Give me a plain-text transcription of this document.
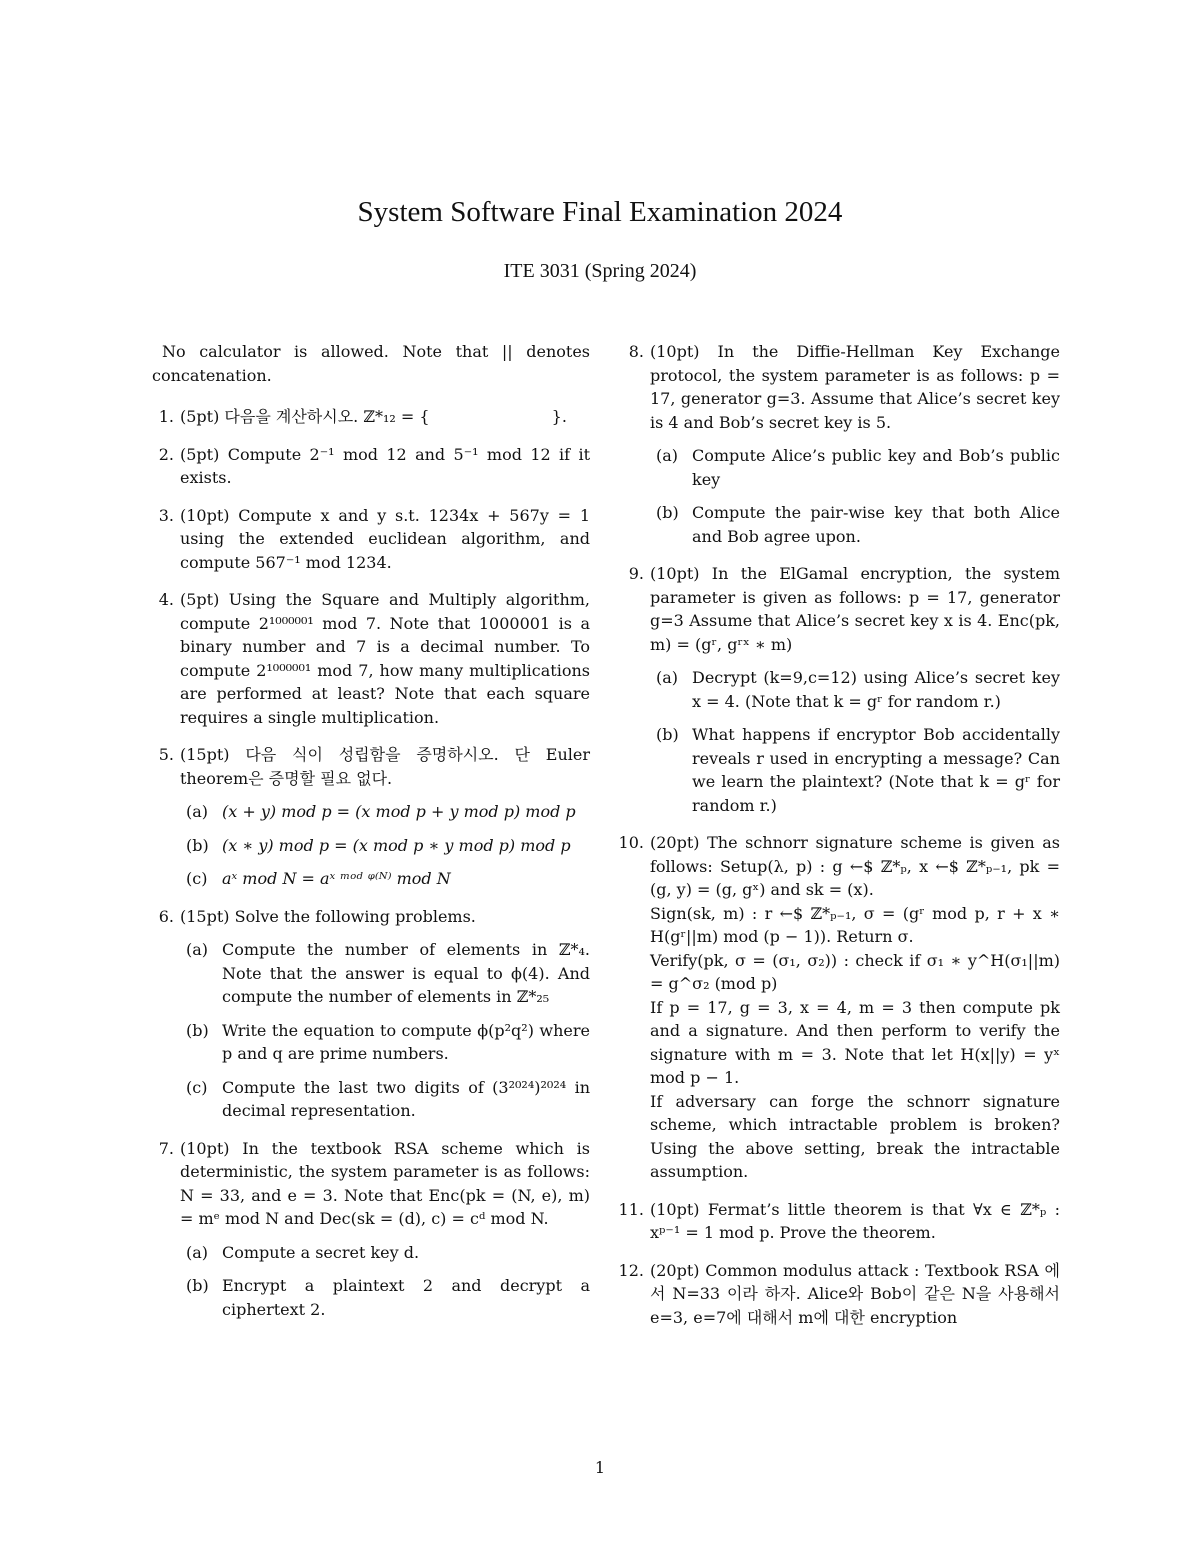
System Software Final Examination 2024
ITE 3031 (Spring 2024)

No calculator is allowed. Note that || denotes concatenation.

1. (5pt) 다음을 계산하시오. ℤ*₁₂ = {                        }.

2. (5pt) Compute 2⁻¹ mod 12 and 5⁻¹ mod 12 if it exists.

3. (10pt) Compute x and y s.t. 1234x + 567y = 1 using the extended euclidean algorithm, and compute 567⁻¹ mod 1234.

4. (5pt) Using the Square and Multiply algorithm, compute 2¹⁰⁰⁰⁰⁰¹ mod 7. Note that 1000001 is a binary number and 7 is a decimal number. To compute 2¹⁰⁰⁰⁰⁰¹ mod 7, how many multiplications are performed at least? Note that each square requires a single multiplication.

5. (15pt) 다음 식이 성립함을 증명하시오. 단 Euler theorem은 증명할 필요 없다.

(a) (x + y) mod p = (x mod p + y mod p) mod p
(b) (x ∗ y) mod p = (x mod p ∗ y mod p) mod p
(c) aˣ mod N = aˣ ᵐᵒᵈ ᵠ⁽ᴺ⁾ mod N
6. (15pt) Solve the following problems.

(a) Compute the number of elements in ℤ*₄. Note that the answer is equal to ϕ(4). And compute the number of elements in ℤ*₂₅
(b) Write the equation to compute ϕ(p²q²) where p and q are prime numbers.
(c) Compute the last two digits of (3²⁰²⁴)²⁰²⁴ in decimal representation.
7. (10pt) In the textbook RSA scheme which is deterministic, the system parameter is as follows: N = 33, and e = 3. Note that Enc(pk = (N, e), m) = mᵉ mod N and Dec(sk = (d), c) = cᵈ mod N.

(a) Compute a secret key d.
(b) Encrypt a plaintext 2 and decrypt a ciphertext 2.
8. (10pt) In the Diffie-Hellman Key Exchange protocol, the system parameter is as follows: p = 17, generator g=3. Assume that Alice’s secret key is 4 and Bob’s secret key is 5.

(a) Compute Alice’s public key and Bob’s public key
(b) Compute the pair-wise key that both Alice and Bob agree upon.
9. (10pt) In the ElGamal encryption, the system parameter is given as follows: p = 17, generator g=3 Assume that Alice’s secret key x is 4. Enc(pk, m) = (gʳ, gʳˣ ∗ m)

(a) Decrypt (k=9,c=12) using Alice’s secret key x = 4. (Note that k = gʳ for random r.)
(b) What happens if encryptor Bob accidentally reveals r used in encrypting a message? Can we learn the plaintext? (Note that k = gʳ for random r.)
10. (20pt) The schnorr signature scheme is given as follows: Setup(λ, p) : g ←$ ℤ*ₚ, x ←$ ℤ*ₚ₋₁, pk = (g, y) = (g, gˣ) and sk = (x).

Sign(sk, m) : r ←$ ℤ*ₚ₋₁, σ = (gʳ mod p, r + x ∗ H(gʳ||m) mod (p − 1)). Return σ.

Verify(pk, σ = (σ₁, σ₂)) : check if σ₁ ∗ y^H(σ₁||m) = g^σ₂ (mod p)

If p = 17, g = 3, x = 4, m = 3 then compute pk and a signature. And then perform to verify the signature with m = 3. Note that let H(x||y) = yˣ mod p − 1.

If adversary can forge the schnorr signature scheme, which intractable problem is broken? Using the above setting, break the intractable assumption.

11. (10pt) Fermat’s little theorem is that ∀x ∈ ℤ*ₚ : xᵖ⁻¹ = 1 mod p. Prove the theorem.

12. (20pt) Common modulus attack : Textbook RSA 에서 N=33 이라 하자. Alice와 Bob이 같은 N을 사용해서 e=3, e=7에 대해서 m에 대한 encryption

1
